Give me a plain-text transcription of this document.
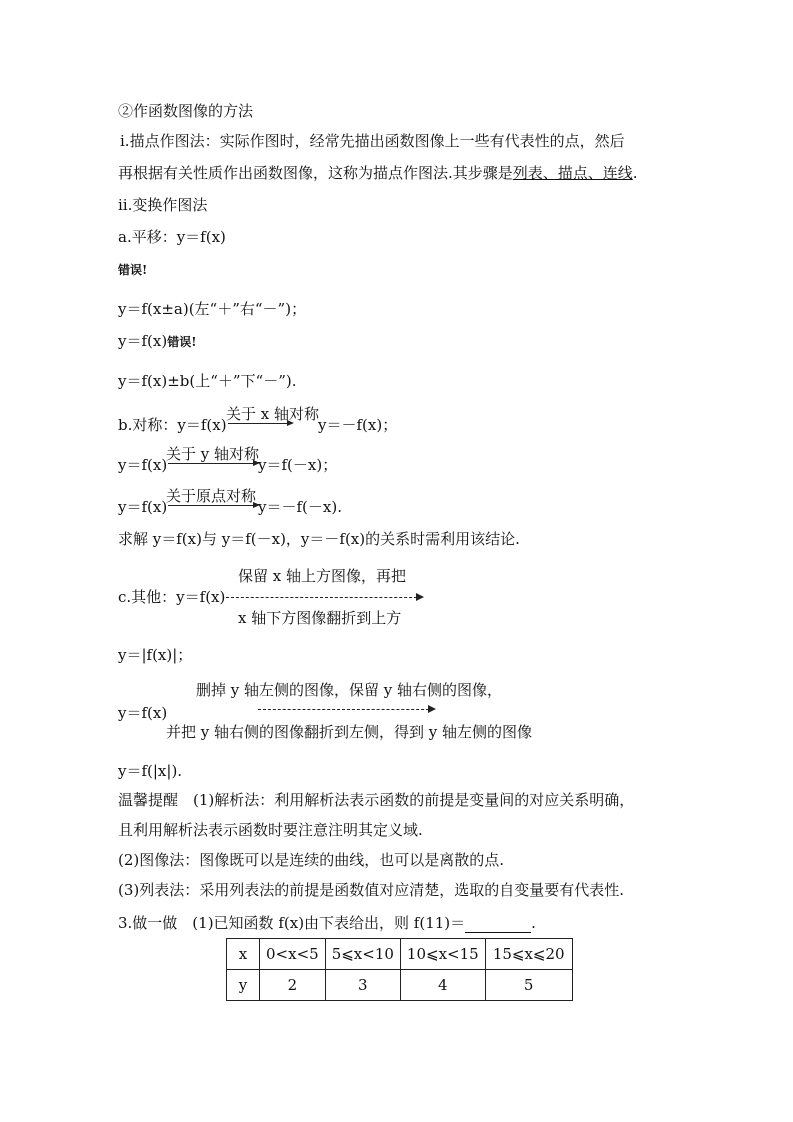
②作函数图像的方法
ⅰ.描点作图法：实际作图时，经常先描出函数图像上一些有代表性的点，然后
再根据有关性质作出函数图像，这称为描点作图法.其步骤是列表、描点、连线.
ⅱ.变换作图法
a.平移：y＝f(x)
错误!
y＝f(x±a)(左“＋”右“－”)；
y＝f(x)错误!
y＝f(x)±b(上“＋”下“－”).
b.对称：y＝f(x)
关于 x 轴对称
y＝－f(x)；
y＝f(x)
关于 y 轴对称
y＝f(－x)；
y＝f(x)
关于原点对称
y＝－f(－x).
求解 y＝f(x)与 y＝f(－x)，y＝－f(x)的关系时需利用该结论.
保留 x 轴上方图像，再把
c.其他：y＝f(x)
x 轴下方图像翻折到上方
y＝|f(x)|；
删掉 y 轴左侧的图像，保留 y 轴右侧的图像，
y＝f(x)
并把 y 轴右侧的图像翻折到左侧，得到 y 轴左侧的图像
y＝f(|x|).
温馨提醒　(1)解析法：利用解析法表示函数的前提是变量间的对应关系明确，
且利用解析法表示函数时要注意注明其定义域.
(2)图像法：图像既可以是连续的曲线，也可以是离散的点.
(3)列表法：采用列表法的前提是函数值对应清楚，选取的自变量要有代表性.
3.做一做　(1)已知函数 f(x)由下表给出，则 f(11)＝	.
x	0<x<5	5⩽x<10	10⩽x<15	15⩽x⩽20
y	2	3	4	5
